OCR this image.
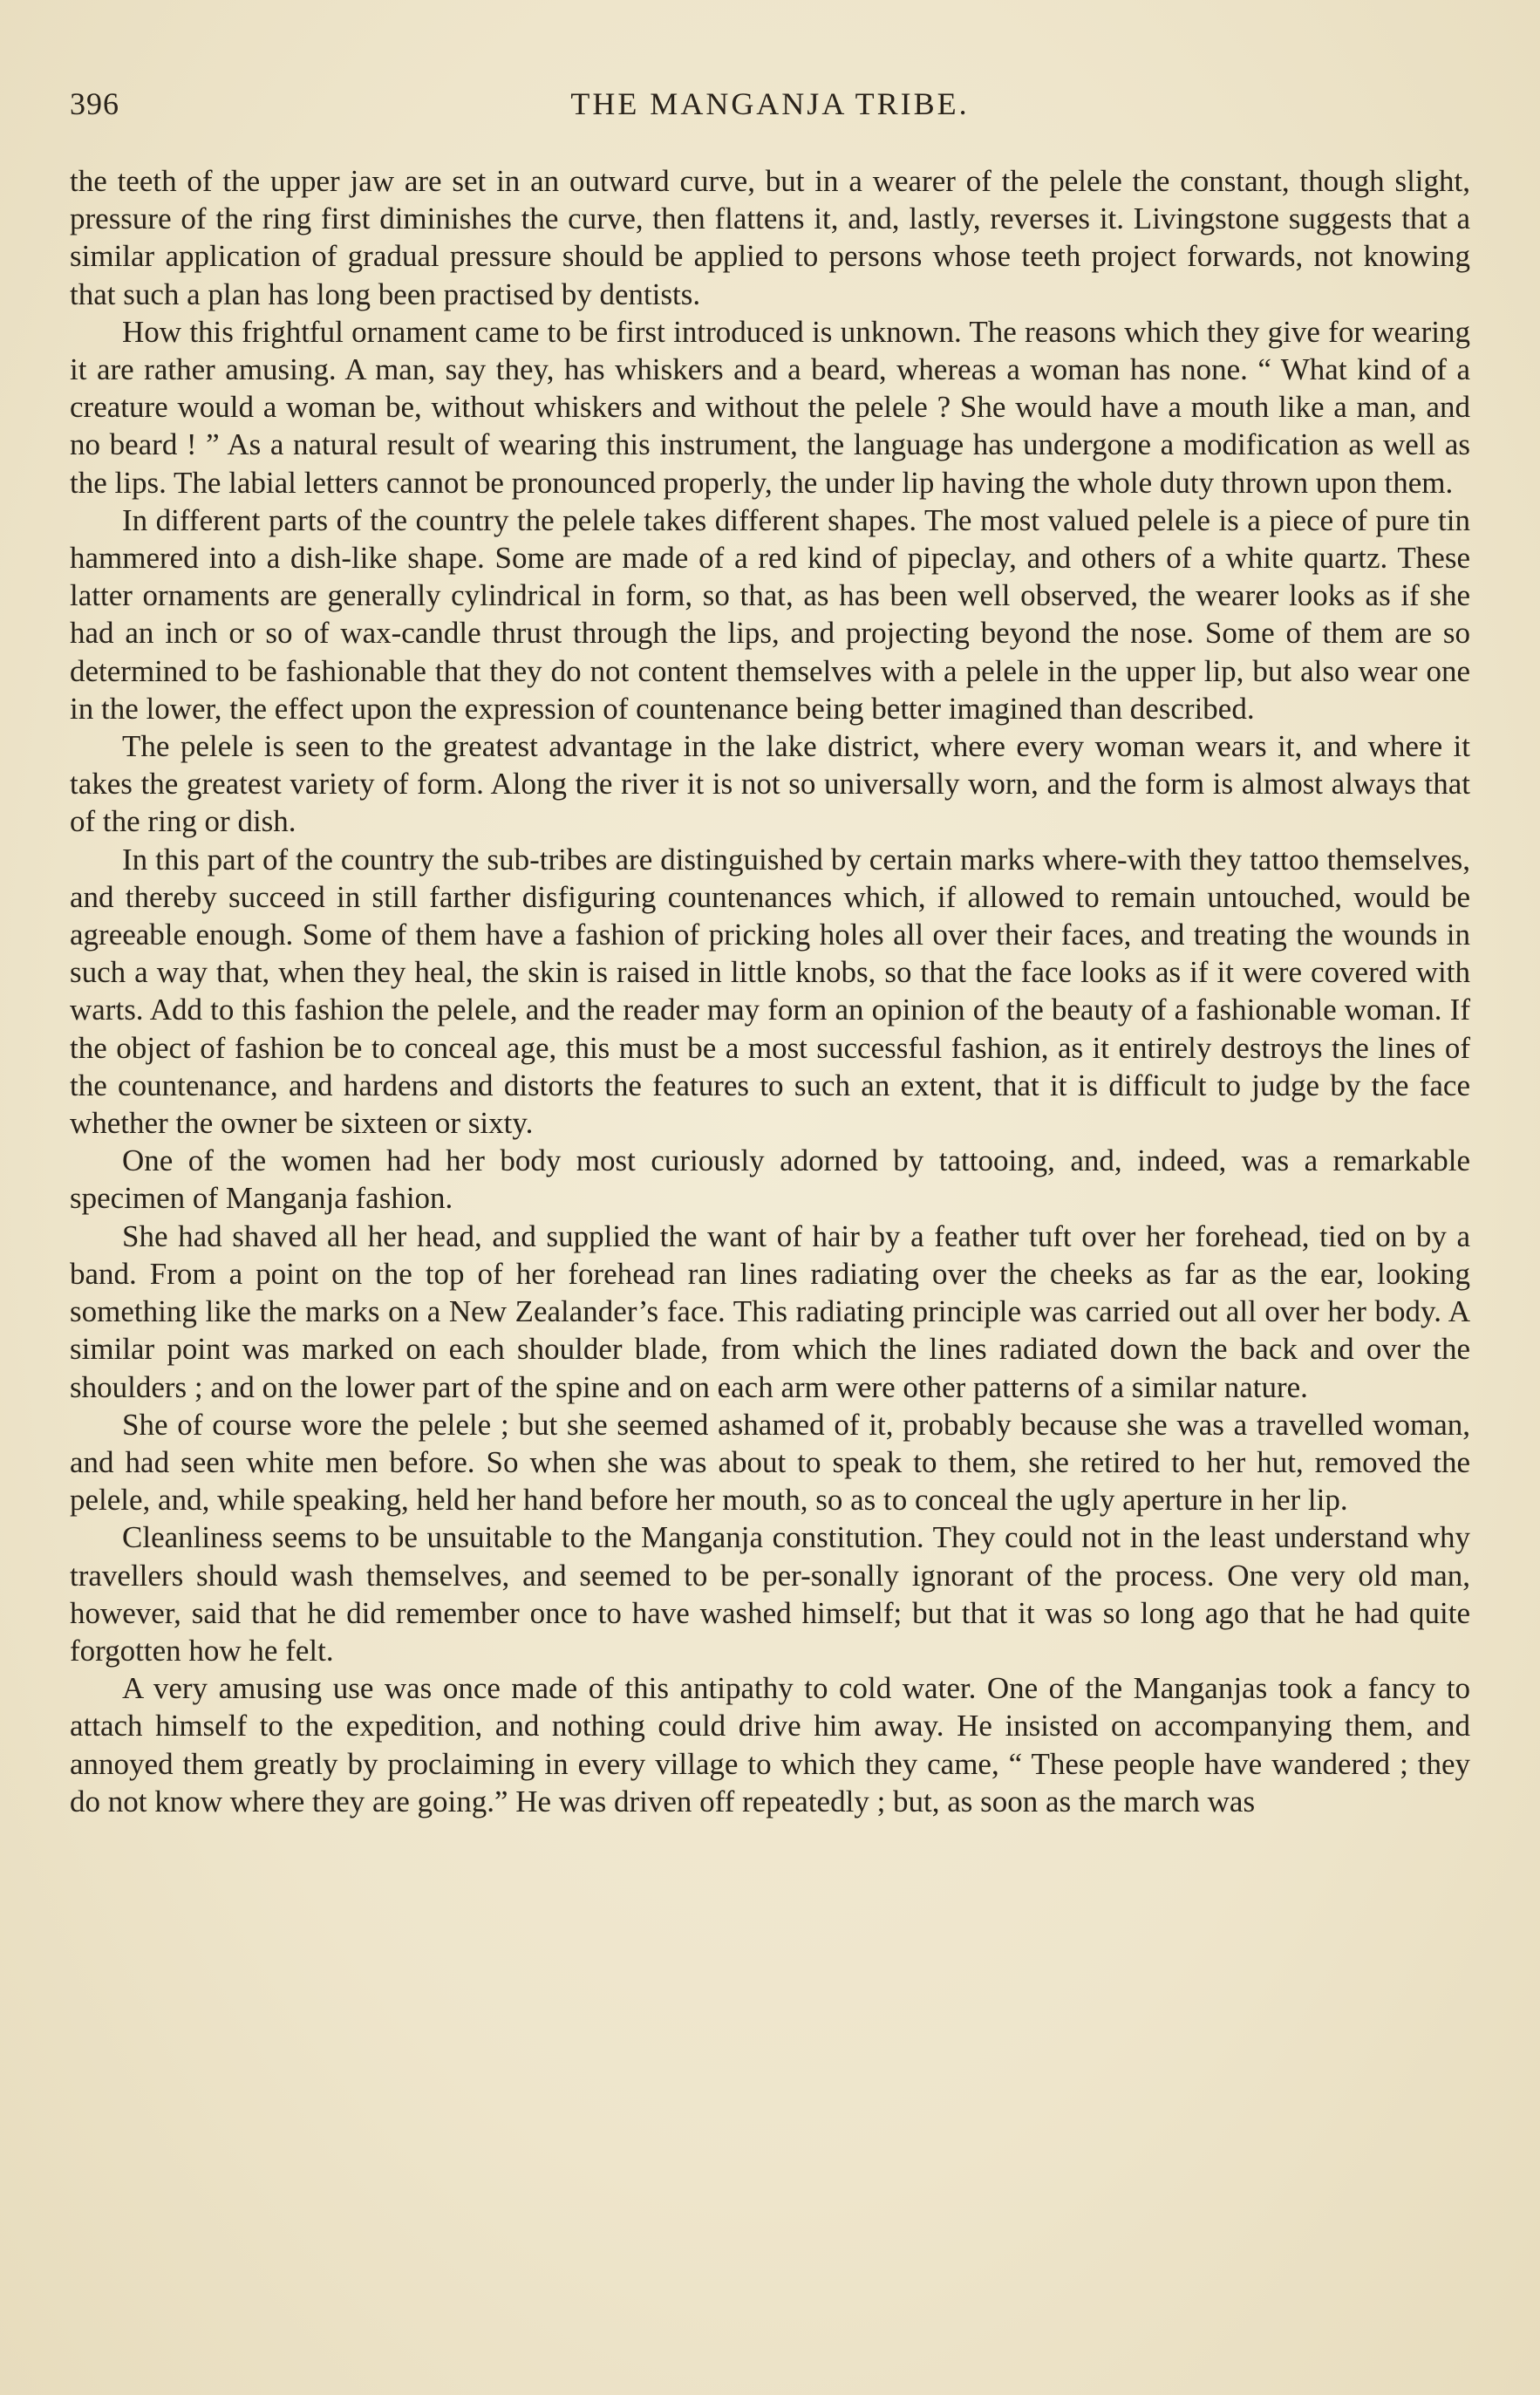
396	THE MANGANJA TRIBE.

the teeth of the upper jaw are set in an outward curve, but in a wearer of the pelele the constant, though slight, pressure of the ring first diminishes the curve, then flattens it, and, lastly, reverses it. Livingstone suggests that a similar application of gradual pressure should be applied to persons whose teeth project forwards, not knowing that such a plan has long been practised by dentists.

How this frightful ornament came to be first introduced is unknown. The reasons which they give for wearing it are rather amusing. A man, say they, has whiskers and a beard, whereas a woman has none. “ What kind of a creature would a woman be, without whiskers and without the pelele ? She would have a mouth like a man, and no beard ! ” As a natural result of wearing this instrument, the language has undergone a modification as well as the lips. The labial letters cannot be pronounced properly, the under lip having the whole duty thrown upon them.

In different parts of the country the pelele takes different shapes. The most valued pelele is a piece of pure tin hammered into a dish-like shape. Some are made of a red kind of pipeclay, and others of a white quartz. These latter ornaments are generally cylindrical in form, so that, as has been well observed, the wearer looks as if she had an inch or so of wax-candle thrust through the lips, and projecting beyond the nose. Some of them are so determined to be fashionable that they do not content themselves with a pelele in the upper lip, but also wear one in the lower, the effect upon the expression of countenance being better imagined than described.

The pelele is seen to the greatest advantage in the lake district, where every woman wears it, and where it takes the greatest variety of form. Along the river it is not so universally worn, and the form is almost always that of the ring or dish.

In this part of the country the sub-tribes are distinguished by certain marks where-with they tattoo themselves, and thereby succeed in still farther disfiguring countenances which, if allowed to remain untouched, would be agreeable enough. Some of them have a fashion of pricking holes all over their faces, and treating the wounds in such a way that, when they heal, the skin is raised in little knobs, so that the face looks as if it were covered with warts. Add to this fashion the pelele, and the reader may form an opinion of the beauty of a fashionable woman. If the object of fashion be to conceal age, this must be a most successful fashion, as it entirely destroys the lines of the countenance, and hardens and distorts the features to such an extent, that it is difficult to judge by the face whether the owner be sixteen or sixty.

One of the women had her body most curiously adorned by tattooing, and, indeed, was a remarkable specimen of Manganja fashion.

She had shaved all her head, and supplied the want of hair by a feather tuft over her forehead, tied on by a band. From a point on the top of her forehead ran lines radiating over the cheeks as far as the ear, looking something like the marks on a New Zealander’s face. This radiating principle was carried out all over her body. A similar point was marked on each shoulder blade, from which the lines radiated down the back and over the shoulders ; and on the lower part of the spine and on each arm were other patterns of a similar nature.

She of course wore the pelele ; but she seemed ashamed of it, probably because she was a travelled woman, and had seen white men before. So when she was about to speak to them, she retired to her hut, removed the pelele, and, while speaking, held her hand before her mouth, so as to conceal the ugly aperture in her lip.

Cleanliness seems to be unsuitable to the Manganja constitution. They could not in the least understand why travellers should wash themselves, and seemed to be per-sonally ignorant of the process. One very old man, however, said that he did remember once to have washed himself; but that it was so long ago that he had quite forgotten how he felt.

A very amusing use was once made of this antipathy to cold water. One of the Manganjas took a fancy to attach himself to the expedition, and nothing could drive him away. He insisted on accompanying them, and annoyed them greatly by proclaiming in every village to which they came, “ These people have wandered ; they do not know where they are going.” He was driven off repeatedly ; but, as soon as the march was
